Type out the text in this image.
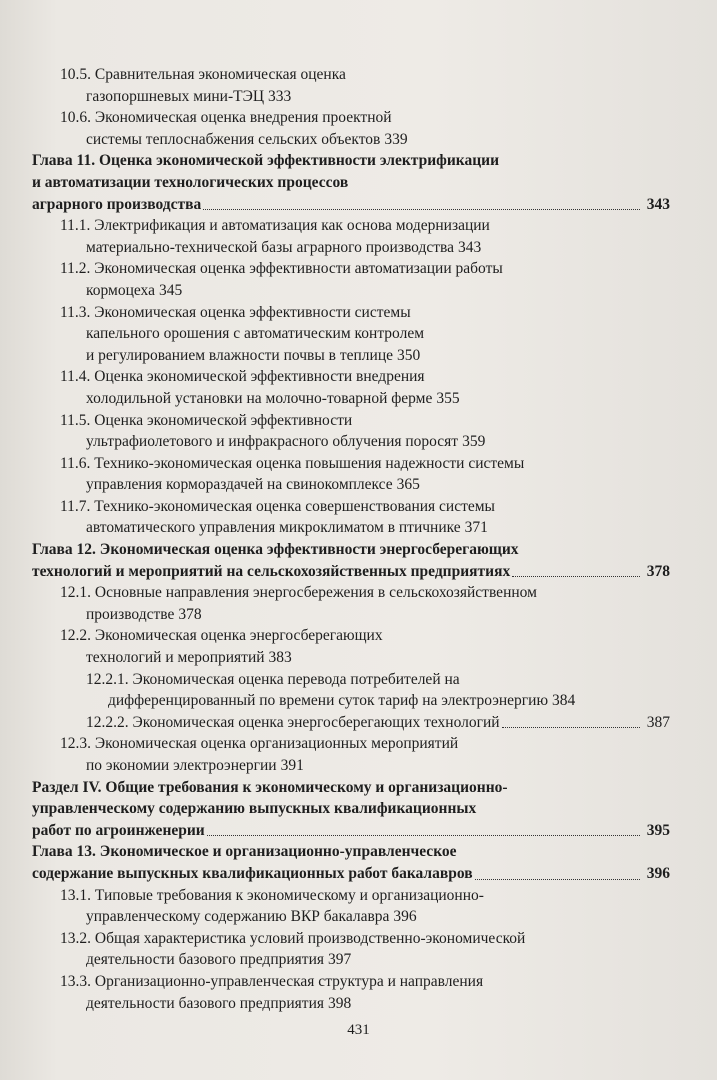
10.5. Сравнительная экономическая оценка
газопоршневых мини-ТЭЦ 333
10.6. Экономическая оценка внедрения проектной
системы теплоснабжения сельских объектов 339
Глава 11. Оценка экономической эффективности электрификации
и автоматизации технологических процессов
аграрного производства	343
11.1. Электрификация и автоматизация как основа модернизации
материально-технической базы аграрного производства 343
11.2. Экономическая оценка эффективности автоматизации работы
кормоцеха 345
11.3. Экономическая оценка эффективности системы
капельного орошения с автоматическим контролем
и регулированием влажности почвы в теплице 350
11.4. Оценка экономической эффективности внедрения
холодильной установки на молочно-товарной ферме 355
11.5. Оценка экономической эффективности
ультрафиолетового и инфракрасного облучения поросят 359
11.6. Технико-экономическая оценка повышения надежности системы
управления кормораздачей на свинокомплексе 365
11.7. Технико-экономическая оценка совершенствования системы
автоматического управления микроклиматом в птичнике 371
Глава 12. Экономическая оценка эффективности энергосберегающих
технологий и мероприятий на сельскохозяйственных предприятиях	378
12.1. Основные направления энергосбережения в сельскохозяйственном
производстве 378
12.2. Экономическая оценка энергосберегающих
технологий и мероприятий 383
12.2.1. Экономическая оценка перевода потребителей на
дифференцированный по времени суток тариф на электроэнергию 384
12.2.2. Экономическая оценка энергосберегающих технологий	387
12.3. Экономическая оценка организационных мероприятий
по экономии электроэнергии 391
Раздел IV. Общие требования к экономическому и организационно-
управленческому содержанию выпускных квалификационных
работ по агроинженерии	395
Глава 13. Экономическое и организационно-управленческое
содержание выпускных квалификационных работ бакалавров	396
13.1. Типовые требования к экономическому и организационно-
управленческому содержанию ВКР бакалавра 396
13.2. Общая характеристика условий производственно-экономической
деятельности базового предприятия 397
13.3. Организационно-управленческая структура и направления
деятельности базового предприятия 398
431
